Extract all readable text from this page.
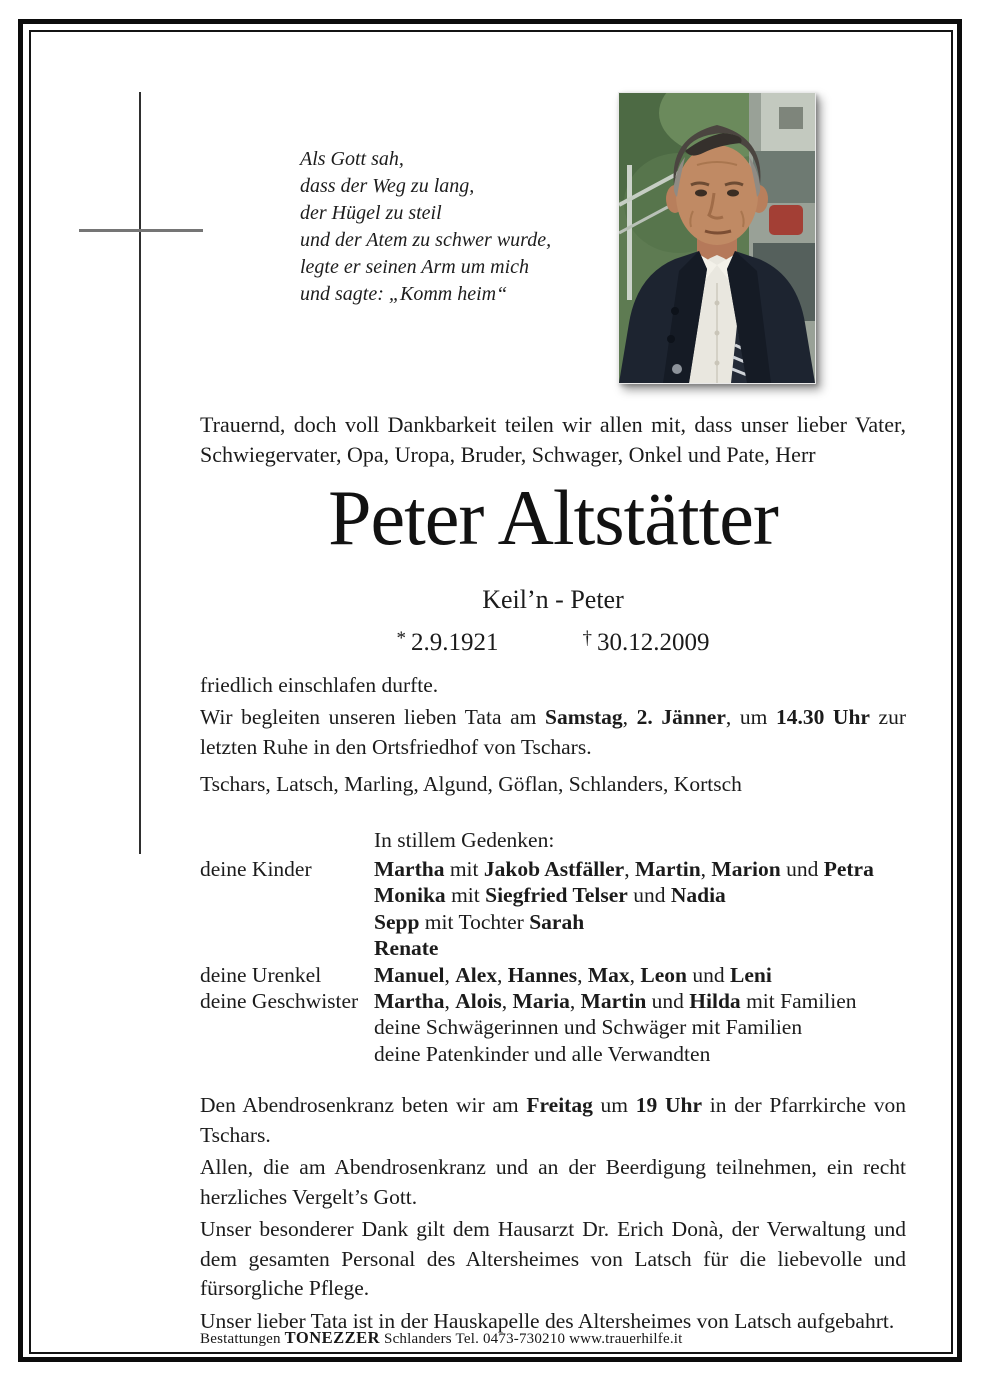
Als Gott sah,
dass der Weg zu lang,
der Hügel zu steil
und der Atem zu schwer wurde,
legte er seinen Arm um mich
und sagte: „Komm heim“
Trauernd, doch voll Dankbarkeit teilen wir allen mit, dass unser lieber Vater, Schwiegervater, Opa, Uropa, Bruder, Schwager, Onkel und Pate, Herr
Peter Altstätter
Keil’n - Peter
* 2.9.1921	† 30.12.2009
friedlich einschlafen durfte.
Wir begleiten unseren lieben Tata am Samstag, 2. Jänner, um 14.30 Uhr zur letzten Ruhe in den Ortsfriedhof von Tschars.
Tschars, Latsch, Marling, Algund, Göflan, Schlanders, Kortsch
In stillem Gedenken:
deine Kinder	Martha mit Jakob Astfäller, Martin, Marion und Petra
Monika mit Siegfried Telser und Nadia
Sepp mit Tochter Sarah
Renate
deine Urenkel	Manuel, Alex, Hannes, Max, Leon und Leni
deine Geschwister Martha, Alois, Maria, Martin und Hilda mit Familien
deine Schwägerinnen und Schwäger mit Familien
deine Patenkinder und alle Verwandten

Den Abendrosenkranz beten wir am Freitag um 19 Uhr in der Pfarrkirche von Tschars.

Allen, die am Abendrosenkranz und an der Beerdigung teilnehmen, ein recht herzliches Vergelt’s Gott.

Unser besonderer Dank gilt dem Hausarzt Dr. Erich Donà, der Verwaltung und dem gesamten Personal des Altersheimes von Latsch für die liebevolle und fürsorgliche Pflege.

Unser lieber Tata ist in der Hauskapelle des Altersheimes von Latsch aufgebahrt.

Bestattungen TONEZZER Schlanders Tel. 0473-730210 www.trauerhilfe.it
